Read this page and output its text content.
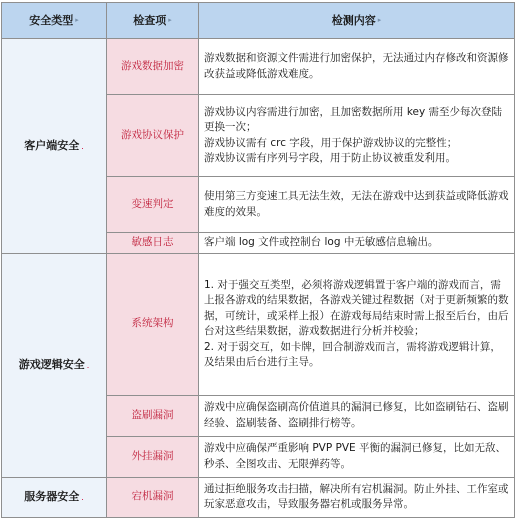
安全类型 ▸	检查项 ▸	检测内容 ▸

客户端安全 .	游戏数据加密	游戏数据和资源文件需进行加密保护，无法通过内存修改和资源修改获益或降低游戏难度。

	游戏协议保护	游戏协议内容需进行加密，且加密数据所用 key 需至少每次登陆更换一次；
游戏协议需有 crc 字段，用于保护游戏协议的完整性；
游戏协议需有序列号字段，用于防止协议被重发利用。

	变速判定	使用第三方变速工具无法生效，无法在游戏中达到获益或降低游戏难度的效果。

	敏感日志	客户端 log 文件或控制台 log 中无敏感信息输出。

游戏逻辑安全 .	系统架构	1. 对于强交互类型，必须将游戏逻辑置于客户端的游戏而言，需上报各游戏的结果数据，各游戏关键过程数据（对于更新频繁的数据，可统计，或采样上报）在游戏每局结束时需上报至后台，由后台对这些结果数据，游戏数据进行分析并校验；
2. 对于弱交互，如卡牌，回合制游戏而言，需将游戏逻辑计算，及结果由后台进行主导。

	盗刷漏洞	游戏中应确保盗刷高价值道具的漏洞已修复，比如盗刷钻石、盗刷经验、盗刷装备、盗刷排行榜等。

	外挂漏洞	游戏中应确保严重影响 PVP PVE 平衡的漏洞已修复，比如无敌、秒杀、全图攻击、无限弹药等。

服务器安全 .	宕机漏洞	通过拒绝服务攻击扫描，解决所有宕机漏洞。防止外挂、工作室或玩家恶意攻击，导致服务器宕机或服务异常。
